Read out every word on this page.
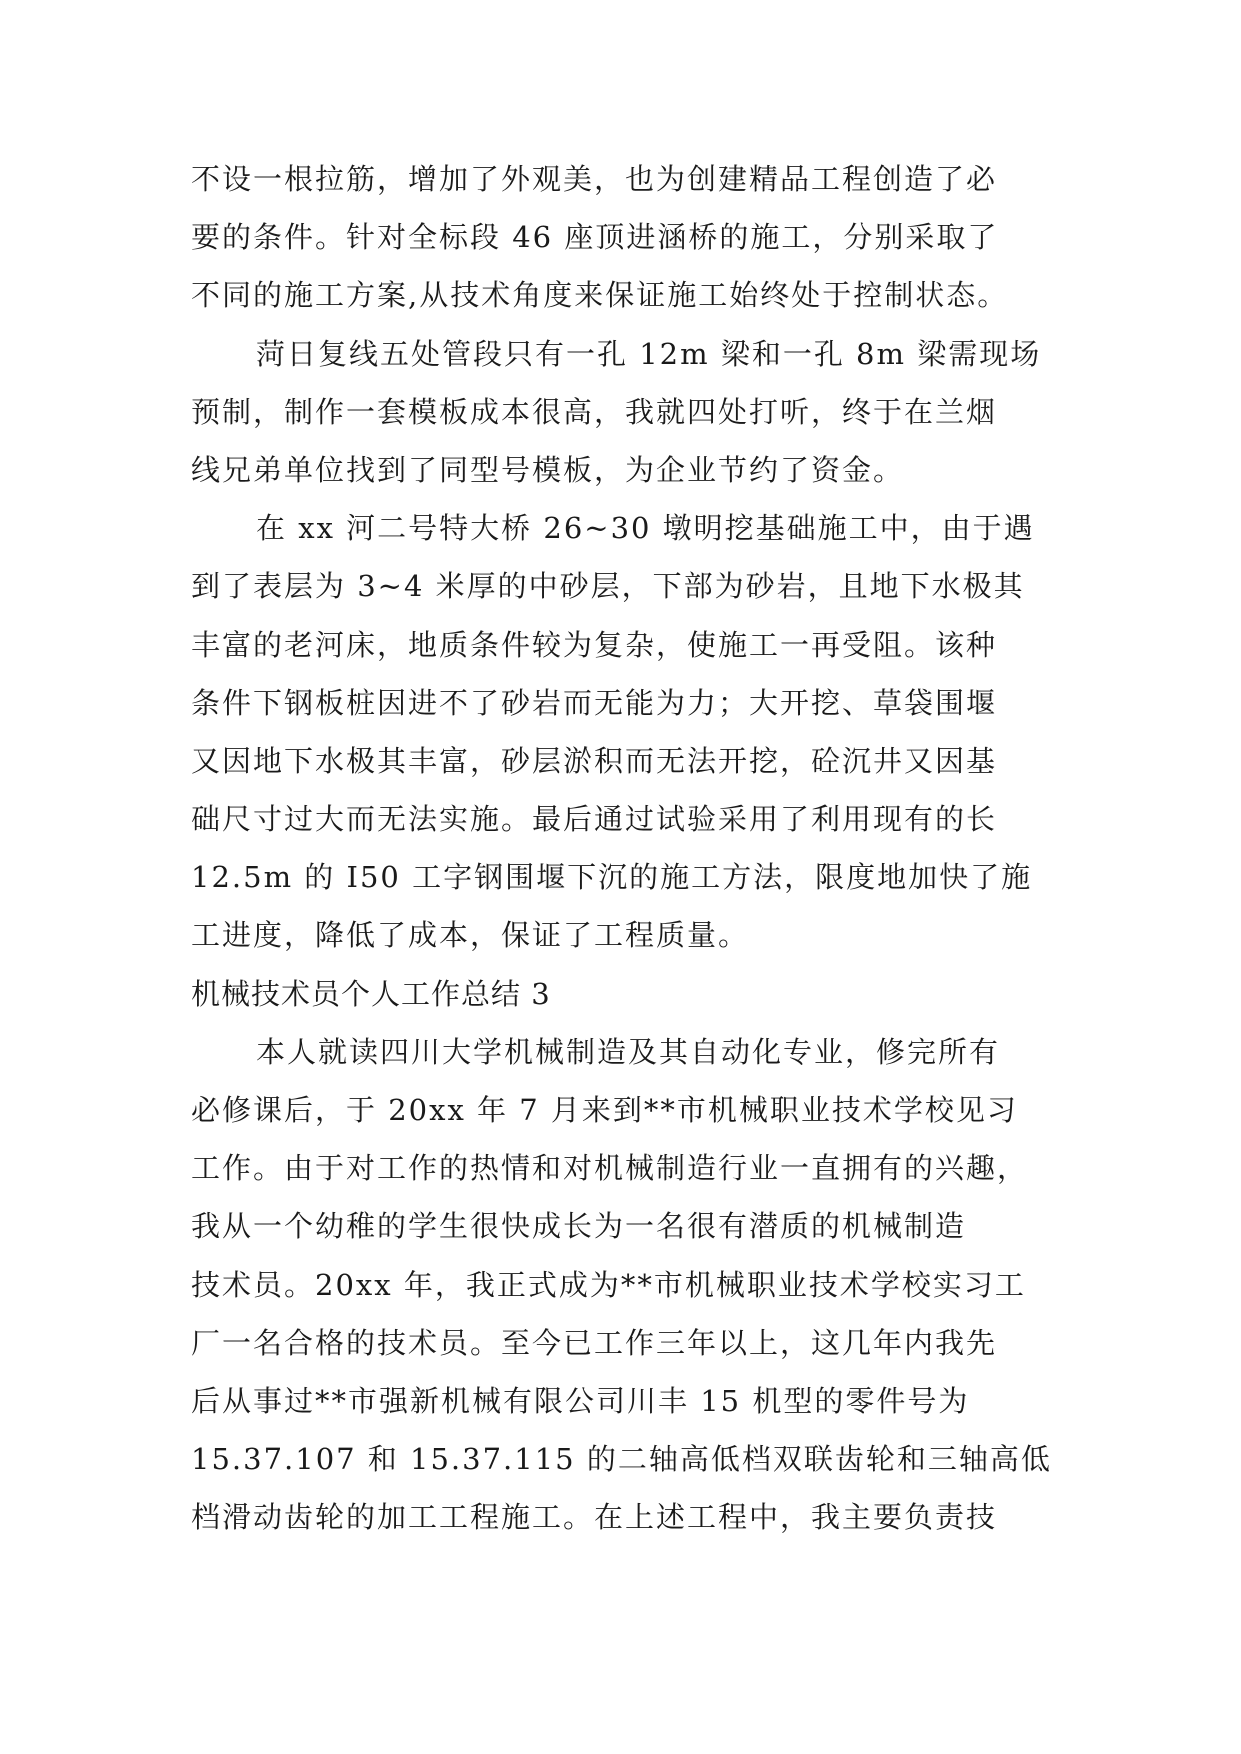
不设一根拉筋，增加了外观美，也为创建精品工程创造了必
要的条件。针对全标段 46 座顶进涵桥的施工，分别采取了
不同的施工方案,从技术角度来保证施工始终处于控制状态。
菏日复线五处管段只有一孔 12m 梁和一孔 8m 梁需现场
预制，制作一套模板成本很高，我就四处打听，终于在兰烟
线兄弟单位找到了同型号模板，为企业节约了资金。
在 xx 河二号特大桥 26~30 墩明挖基础施工中，由于遇
到了表层为 3~4 米厚的中砂层，下部为砂岩，且地下水极其
丰富的老河床，地质条件较为复杂，使施工一再受阻。该种
条件下钢板桩因进不了砂岩而无能为力；大开挖、草袋围堰
又因地下水极其丰富，砂层淤积而无法开挖，砼沉井又因基
础尺寸过大而无法实施。最后通过试验采用了利用现有的长
12.5m 的 I50 工字钢围堰下沉的施工方法，限度地加快了施
工进度，降低了成本，保证了工程质量。
机械技术员个人工作总结 3
本人就读四川大学机械制造及其自动化专业，修完所有
必修课后，于 20xx 年 7 月来到**市机械职业技术学校见习
工作。由于对工作的热情和对机械制造行业一直拥有的兴趣，
我从一个幼稚的学生很快成长为一名很有潜质的机械制造
技术员。20xx 年，我正式成为**市机械职业技术学校实习工
厂一名合格的技术员。至今已工作三年以上，这几年内我先
后从事过**市强新机械有限公司川丰 15 机型的零件号为
15.37.107 和 15.37.115 的二轴高低档双联齿轮和三轴高低
档滑动齿轮的加工工程施工。在上述工程中，我主要负责技
